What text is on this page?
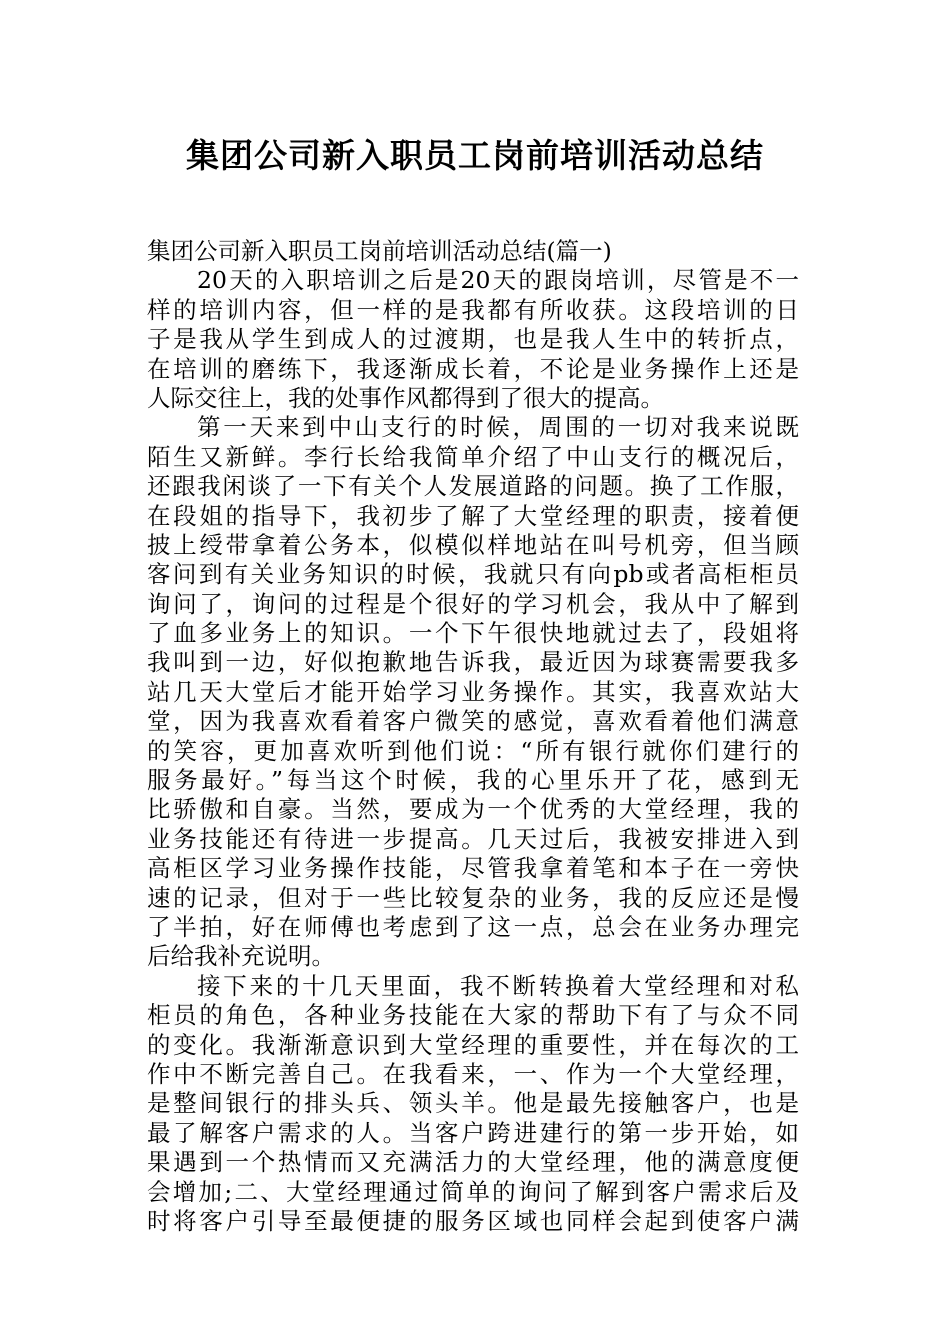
集团公司新入职员工岗前培训活动总结
集团公司新入职员工岗前培训活动总结(篇一)
20天的入职培训之后是20天的跟岗培训，尽管是不一
样的培训内容，但一样的是我都有所收获。这段培训的日
子是我从学生到成人的过渡期，也是我人生中的转折点，
在培训的磨练下，我逐渐成长着，不论是业务操作上还是
人际交往上，我的处事作风都得到了很大的提高。
第一天来到中山支行的时候，周围的一切对我来说既
陌生又新鲜。李行长给我简单介绍了中山支行的概况后，
还跟我闲谈了一下有关个人发展道路的问题。换了工作服，
在段姐的指导下，我初步了解了大堂经理的职责，接着便
披上绶带拿着公务本，似模似样地站在叫号机旁，但当顾
客问到有关业务知识的时候，我就只有向pb或者高柜柜员
询问了，询问的过程是个很好的学习机会，我从中了解到
了血多业务上的知识。一个下午很快地就过去了，段姐将
我叫到一边，好似抱歉地告诉我，最近因为球赛需要我多
站几天大堂后才能开始学习业务操作。其实，我喜欢站大
堂，因为我喜欢看着客户微笑的感觉，喜欢看着他们满意
的笑容，更加喜欢听到他们说：“所有银行就你们建行的
服务最好。”每当这个时候，我的心里乐开了花，感到无
比骄傲和自豪。当然，要成为一个优秀的大堂经理，我的
业务技能还有待进一步提高。几天过后，我被安排进入到
高柜区学习业务操作技能，尽管我拿着笔和本子在一旁快
速的记录，但对于一些比较复杂的业务，我的反应还是慢
了半拍，好在师傅也考虑到了这一点，总会在业务办理完
后给我补充说明。
接下来的十几天里面，我不断转换着大堂经理和对私
柜员的角色，各种业务技能在大家的帮助下有了与众不同
的变化。我渐渐意识到大堂经理的重要性，并在每次的工
作中不断完善自己。在我看来，一、作为一个大堂经理，
是整间银行的排头兵、领头羊。他是最先接触客户，也是
最了解客户需求的人。当客户跨进建行的第一步开始，如
果遇到一个热情而又充满活力的大堂经理，他的满意度便
会增加;二、大堂经理通过简单的询问了解到客户需求后及
时将客户引导至最便捷的服务区域也同样会起到使客户满
